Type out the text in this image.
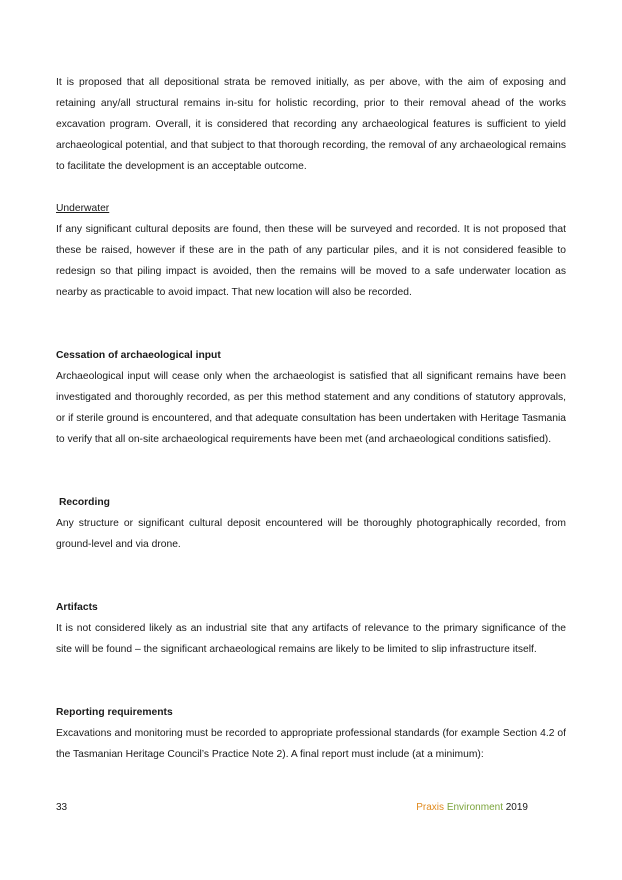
It is proposed that all depositional strata be removed initially, as per above, with the aim of exposing and retaining any/all structural remains in-situ for holistic recording, prior to their removal ahead of the works excavation program. Overall, it is considered that recording any archaeological features is sufficient to yield archaeological potential, and that subject to that thorough recording, the removal of any archaeological remains to facilitate the development is an acceptable outcome.

Underwater

If any significant cultural deposits are found, then these will be surveyed and recorded. It is not proposed that these be raised, however if these are in the path of any particular piles, and it is not considered feasible to redesign so that piling impact is avoided, then the remains will be moved to a safe underwater location as nearby as practicable to avoid impact. That new location will also be recorded.

Cessation of archaeological input

Archaeological input will cease only when the archaeologist is satisfied that all significant remains have been investigated and thoroughly recorded, as per this method statement and any conditions of statutory approvals, or if sterile ground is encountered, and that adequate consultation has been undertaken with Heritage Tasmania to verify that all on-site archaeological requirements have been met (and archaeological conditions satisfied).

Recording

Any structure or significant cultural deposit encountered will be thoroughly photographically recorded, from ground-level and via drone.

Artifacts

It is not considered likely as an industrial site that any artifacts of relevance to the primary significance of the site will be found – the significant archaeological remains are likely to be limited to slip infrastructure itself.

Reporting requirements

Excavations and monitoring must be recorded to appropriate professional standards (for example Section 4.2 of the Tasmanian Heritage Council’s Practice Note 2). A final report must include (at a minimum):

33	Praxis Environment 2019
